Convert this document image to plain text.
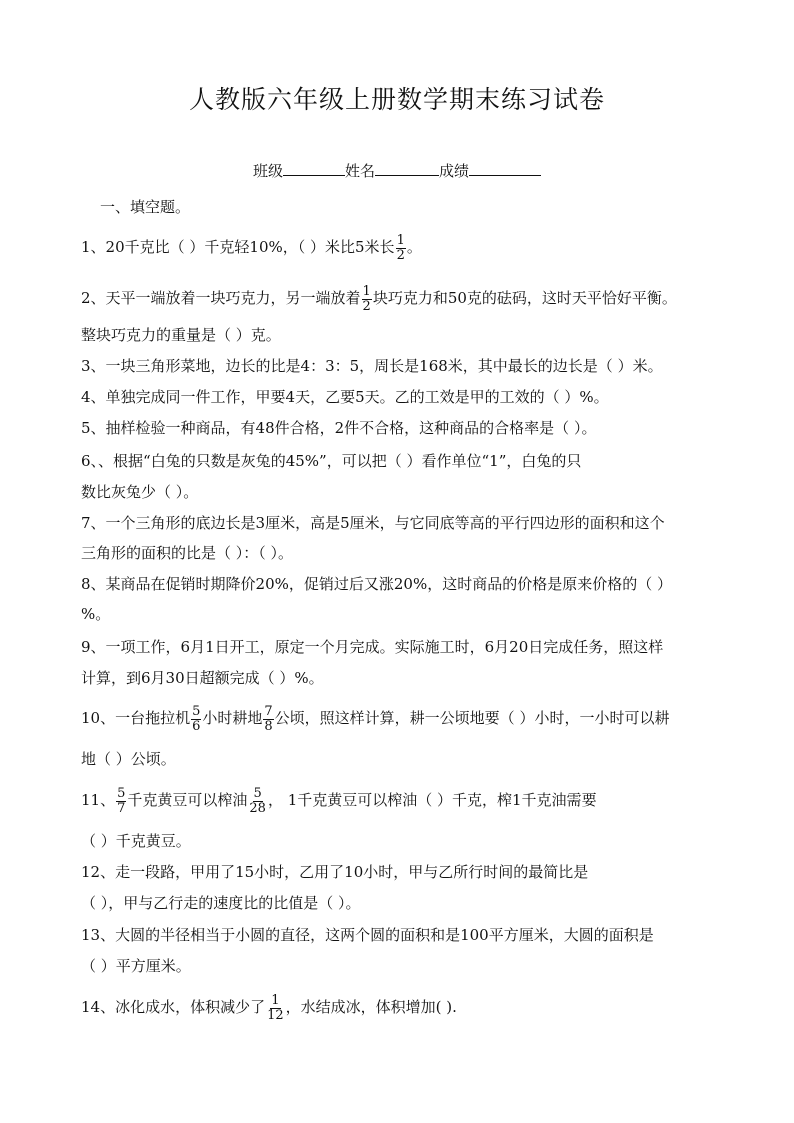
人教版六年级上册数学期末练习试卷
班级	姓名	成绩
一、填空题。
1、20千克比（ ）千克轻10%，（ ）米比5米长 $\frac{1}{2}$ 。
2、天平一端放着一块巧克力，另一端放着 $\frac{1}{2}$ 块巧克力和50克的砝码，这时天平恰好平衡。
整块巧克力的重量是（ ）克。
3、一块三角形菜地，边长的比是4：3：5，周长是168米，其中最长的边长是（ ）米。
4、单独完成同一件工作，甲要4天，乙要5天。乙的工效是甲的工效的（ ）%。
5、抽样检验一种商品，有48件合格，2件不合格，这种商品的合格率是（ ）。
6、、根据“白兔的只数是灰兔的45%”，可以把（ ）看作单位“1”，白兔的只
数比灰兔少（ ）。
7、一个三角形的底边长是3厘米，高是5厘米，与它同底等高的平行四边形的面积和这个
三角形的面积的比是（ ）：（ ）。
8、某商品在促销时期降价20%，促销过后又涨20%，这时商品的价格是原来价格的（ ）
%。
9、一项工作，6月1日开工，原定一个月完成。实际施工时，6月20日完成任务，照这样
计算，到6月30日超额完成（ ）%。
10、一台拖拉机 $\frac{5}{6}$ 小时耕地 $\frac{7}{8}$ 公顷，照这样计算，耕一公顷地要（ ）小时，一小时可以耕
地（ ）公顷。
11、 $\frac{5}{7}$ 千克黄豆可以榨油 $\frac{5}{28}$ ， 1千克黄豆可以榨油（ ）千克，榨1千克油需要
（ ）千克黄豆。
12、走一段路，甲用了15小时，乙用了10小时，甲与乙所行时间的最简比是
（ ），甲与乙行走的速度比的比值是（ ）。
13、大圆的半径相当于小圆的直径，这两个圆的面积和是100平方厘米，大圆的面积是
（ ）平方厘米。
14、冰化成水，体积减少了 $\frac{1}{12}$ ，水结成冰，体积增加( ).
